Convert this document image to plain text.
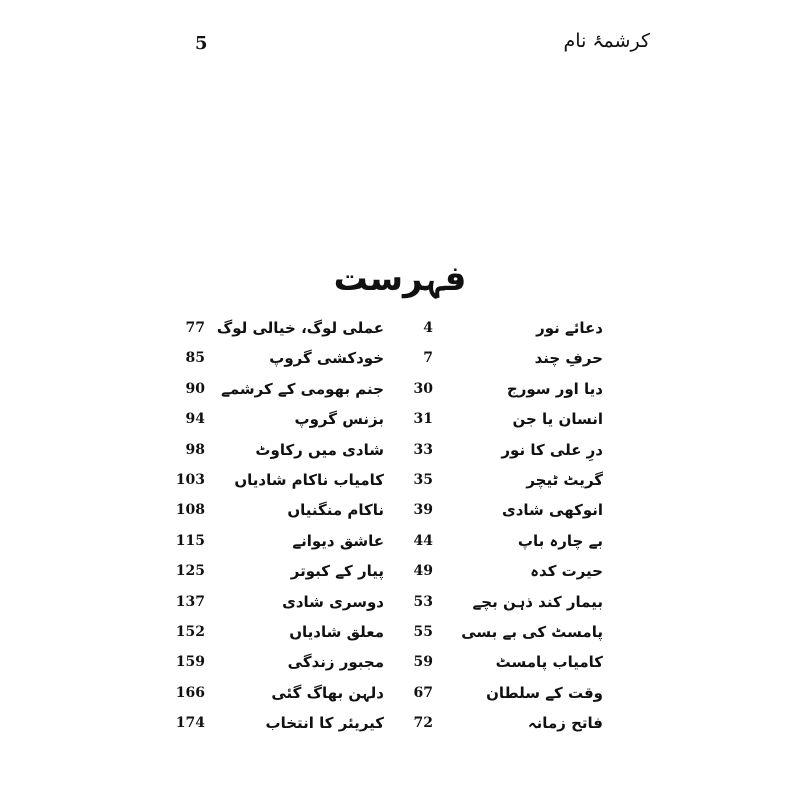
کرشمۂ نام
5
فہرست
دعائے نور
4
حرفِ چند
7
دیا اور سورج
30
انسان یا جن
31
درِ علی کا نور
33
گریٹ ٹیچر
35
انوکھی شادی
39
بے چارہ باپ
44
حیرت کدہ
49
بیمار کند ذہن بچے
53
پامسٹ کی بے بسی
55
کامیاب پامسٹ
59
وقت کے سلطان
67
فاتح زمانہ
72
عملی لوگ، خیالی لوگ
77
خودکشی گروپ
85
جنم بھومی کے کرشمے
90
بزنس گروپ
94
شادی میں رکاوٹ
98
کامیاب ناکام شادیاں
103
ناکام منگنیاں
108
عاشق دیوانے
115
پیار کے کبوتر
125
دوسری شادی
137
معلق شادیاں
152
مجبور زندگی
159
دلہن بھاگ گئی
166
کیریئر کا انتخاب
174
